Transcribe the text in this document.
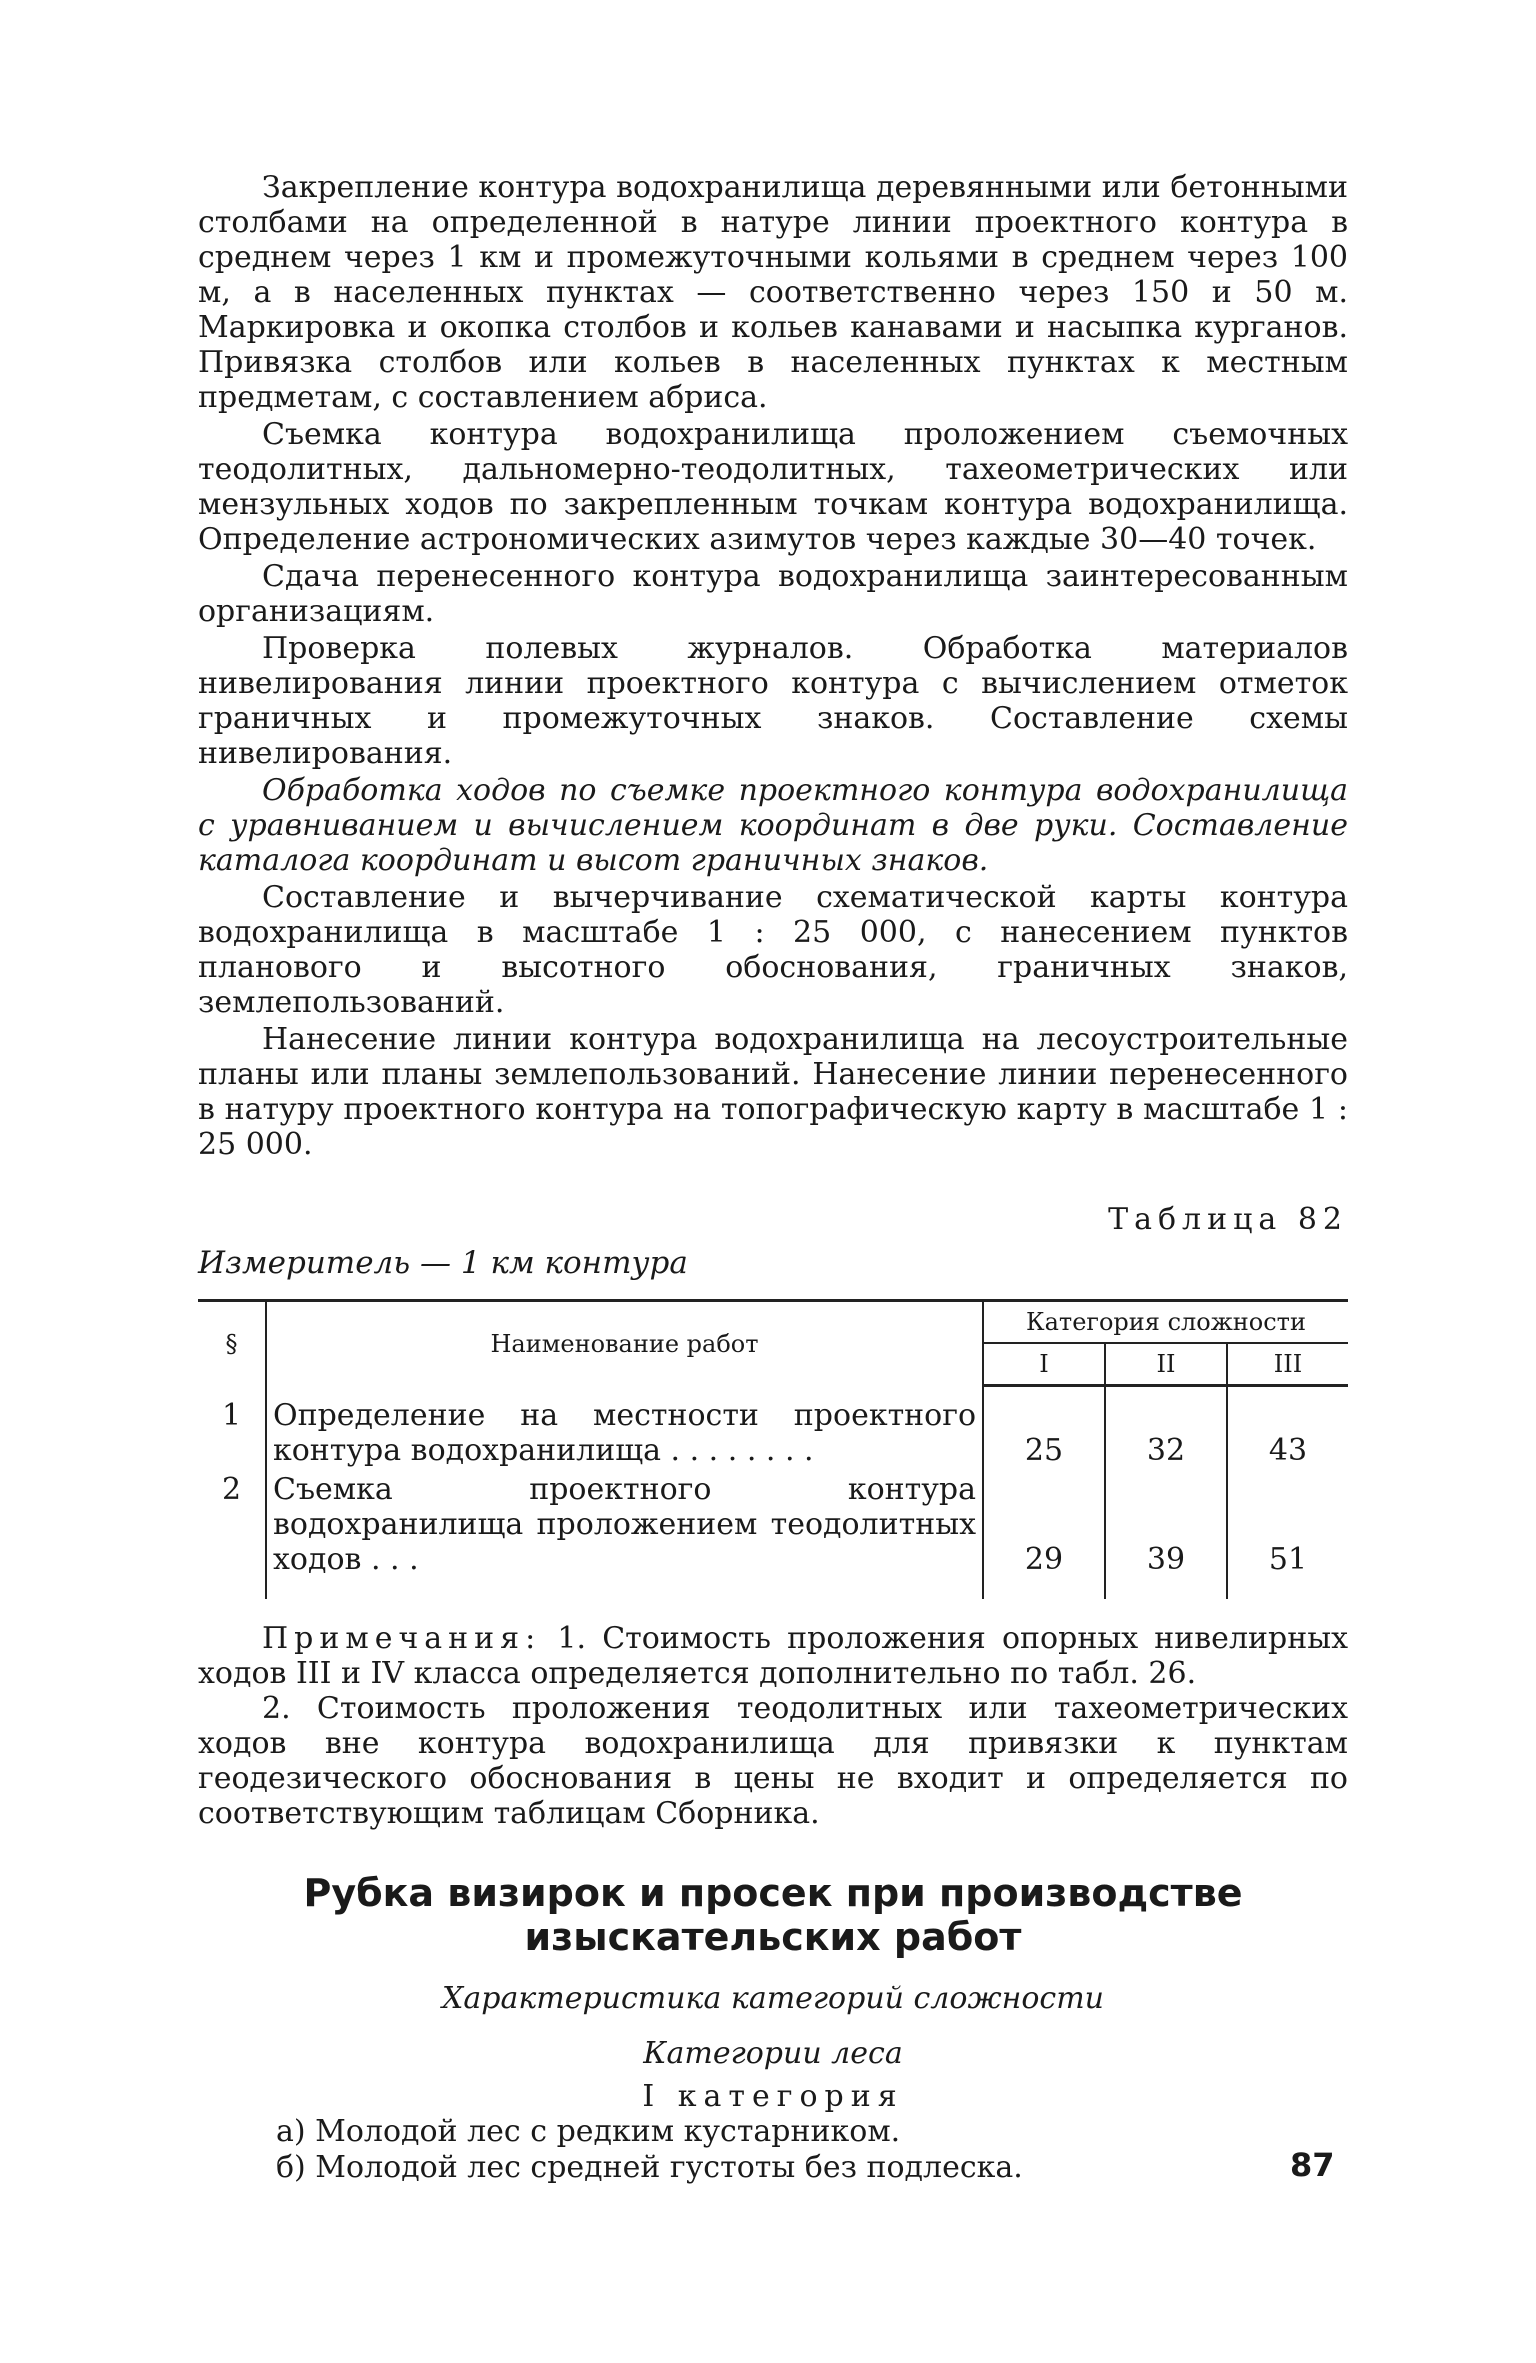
Закрепление контура водохранилища деревянными или бетонными столбами на определенной в натуре линии проектного контура в среднем через 1 км и промежуточными кольями в среднем через 100 м, а в населенных пунктах — соответственно через 150 и 50 м. Маркировка и окопка столбов и кольев канавами и насыпка курганов. Привязка столбов или кольев в населенных пунктах к местным предметам, с составлением абриса.

Съемка контура водохранилища проложением съемочных теодолитных, дальномерно-теодолитных, тахеометрических или мензульных ходов по закрепленным точкам контура водохранилища. Определение астрономических азимутов через каждые 30—40 точек.

Сдача перенесенного контура водохранилища заинтересованным организациям.

Проверка полевых журналов. Обработка материалов нивелирования линии проектного контура с вычислением отметок граничных и промежуточных знаков. Составление схемы нивелирования.

Обработка ходов по съемке проектного контура водохранилища с уравниванием и вычислением координат в две руки. Составление каталога координат и высот граничных знаков.

Составление и вычерчивание схематической карты контура водохранилища в масштабе 1 : 25 000, с нанесением пунктов планового и высотного обоснования, граничных знаков, землепользований.

Нанесение линии контура водохранилища на лесоустроительные планы или планы землепользований. Нанесение линии перенесенного в натуру проектного контура на топографическую карту в масштабе 1 : 25 000.

Таблица 82
Измеритель — 1 км контура
§	Наименование работ	Категория сложности		
		I	II	III
1	Определение на местности проектного контура водохранилища . . . . . . . .	25	32	43
2	Съемка проектного контура водохранилища проложением теодолитных ходов . . .	29	39	51

Примечания: 1. Стоимость проложения опорных нивелирных ходов III и IV класса определяется дополнительно по табл. 26.

2. Стоимость проложения теодолитных или тахеометрических ходов вне контура водохранилища для привязки к пунктам геодезического обоснования в цены не входит и определяется по соответствующим таблицам Сборника.

Рубка визирок и просек при производстве
изыскательских работ
Характеристика категорий сложности
Категории леса
I категория
а) Молодой лес с редким кустарником.
б) Молодой лес средней густоты без подлеска.	87
